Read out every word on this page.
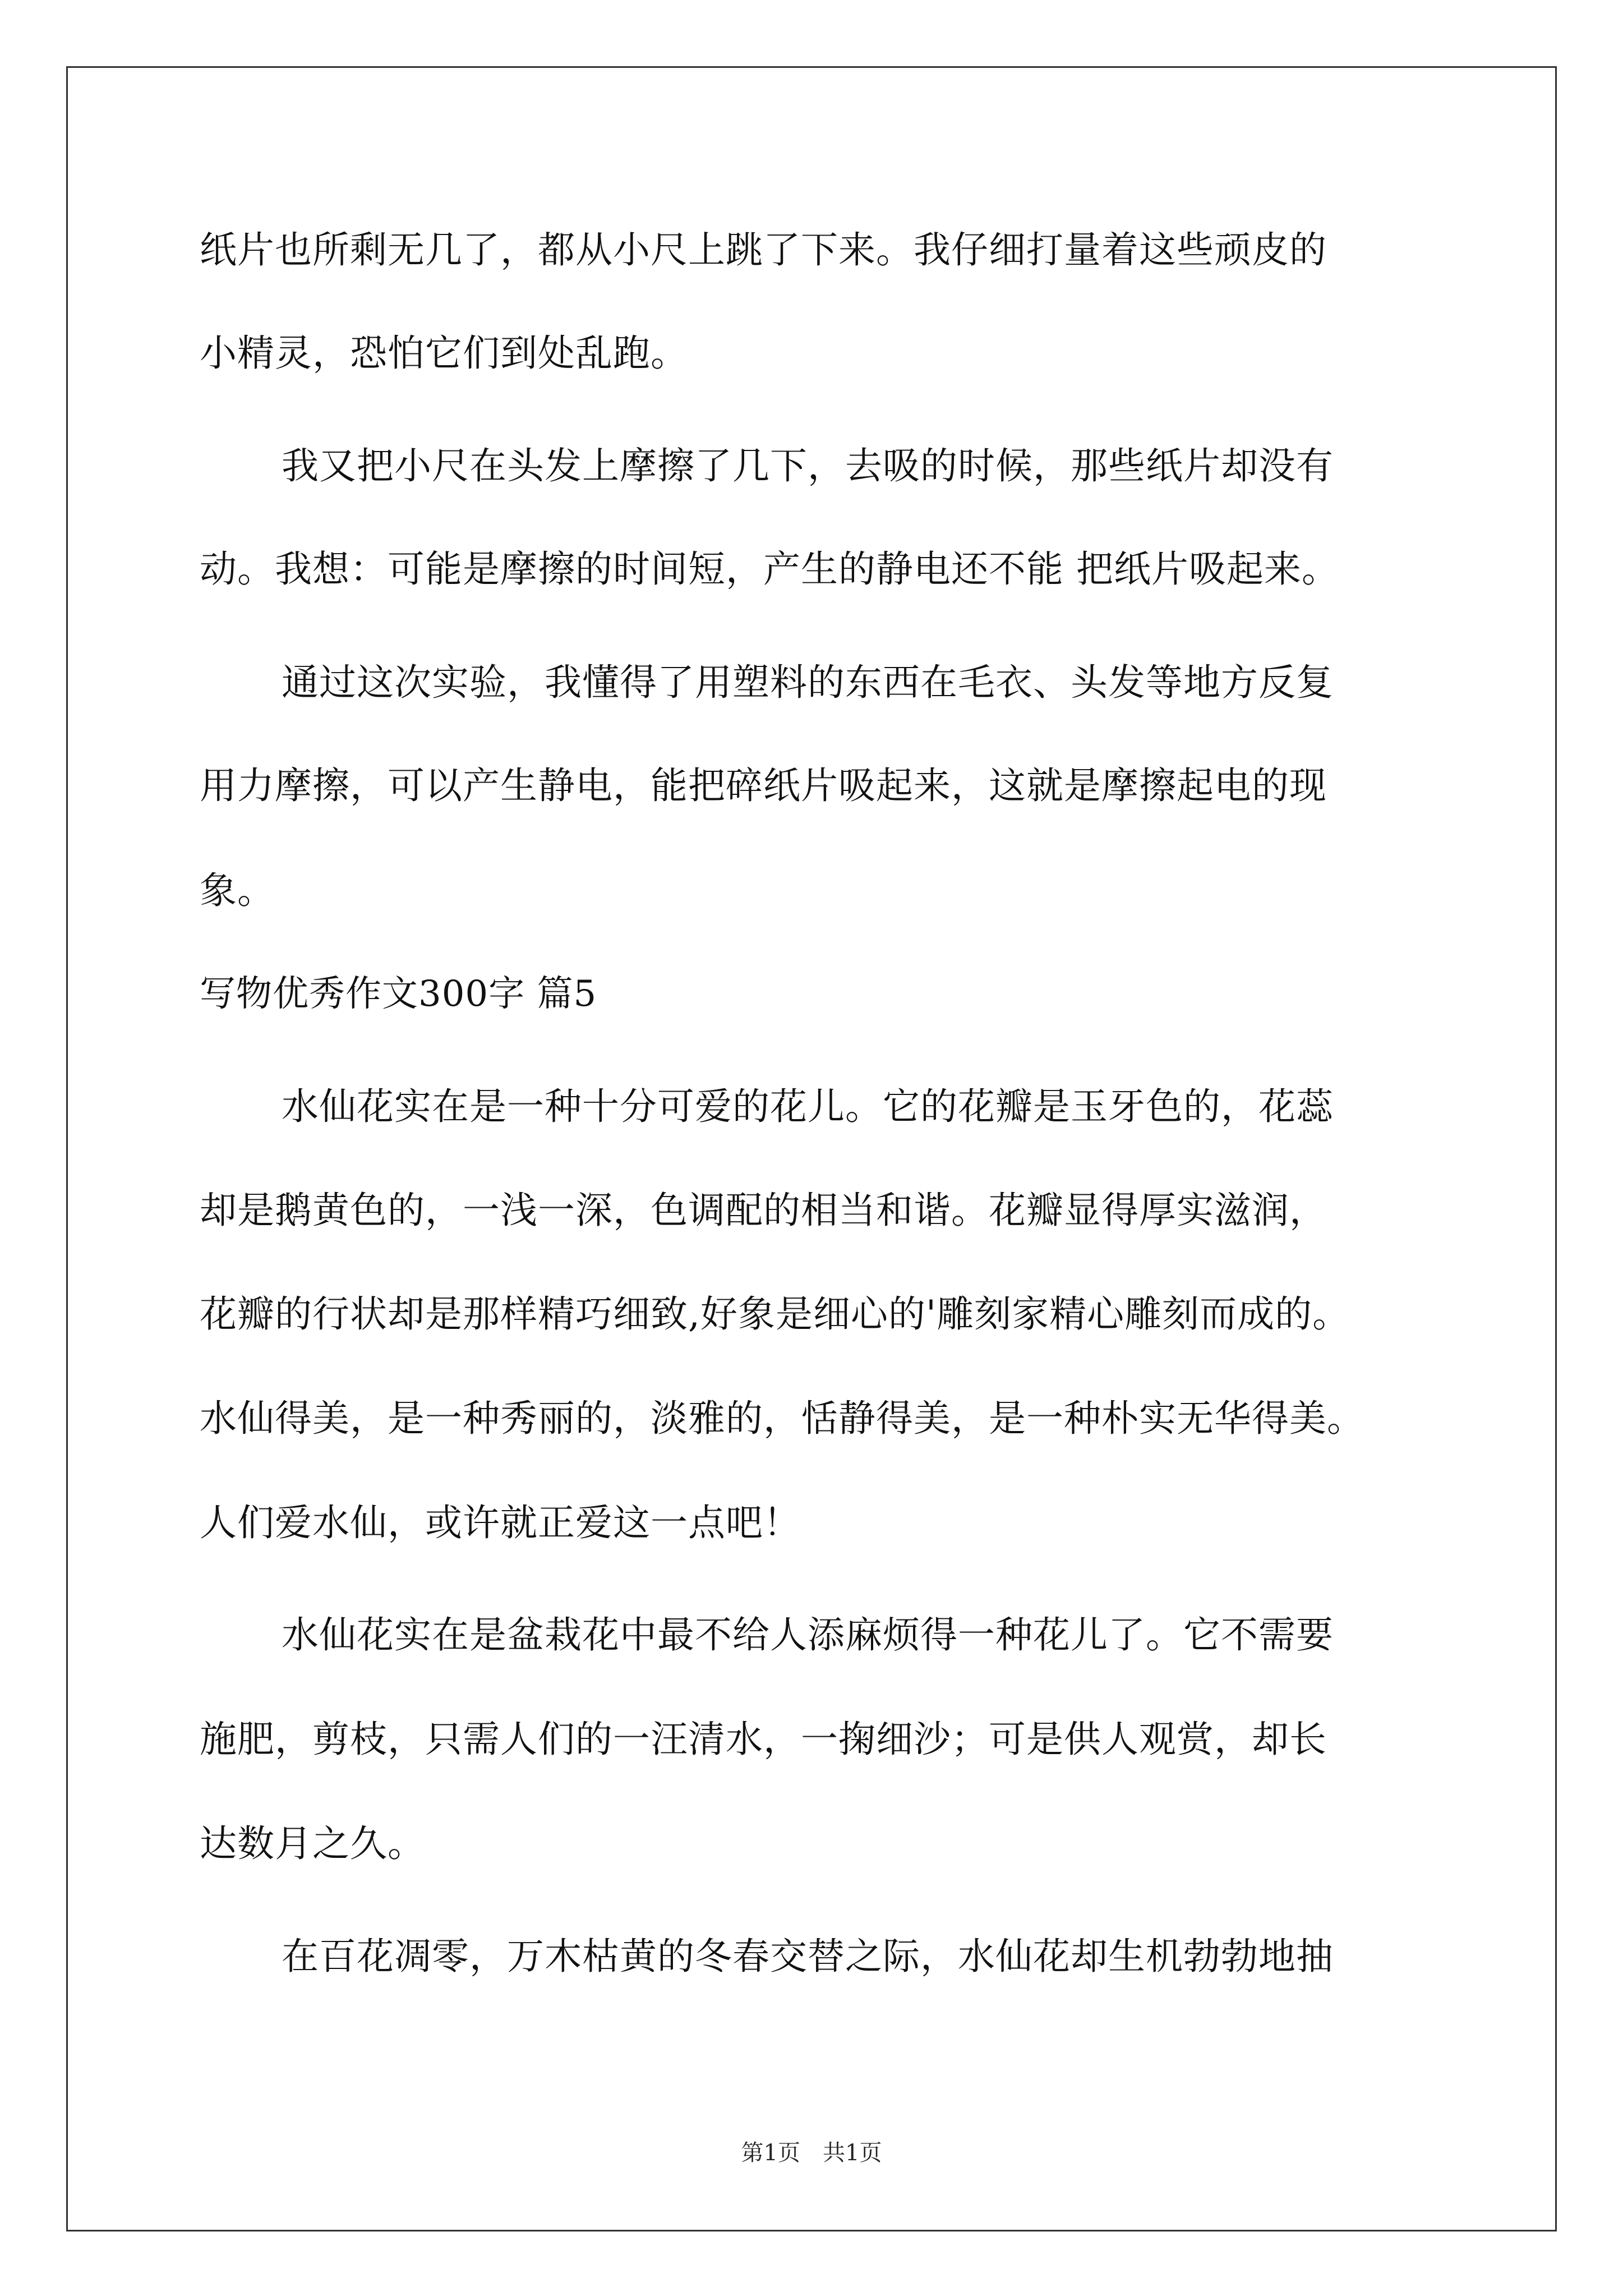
纸片也所剩无几了，都从小尺上跳了下来。我仔细打量着这些顽皮的
小精灵，恐怕它们到处乱跑。
我又把小尺在头发上摩擦了几下，去吸的时候，那些纸片却没有
动。我想：可能是摩擦的时间短，产生的静电还不能 把纸片吸起来。
通过这次实验，我懂得了用塑料的东西在毛衣、头发等地方反复
用力摩擦，可以产生静电，能把碎纸片吸起来，这就是摩擦起电的现
象。
写物优秀作文300字 篇5
水仙花实在是一种十分可爱的花儿。它的花瓣是玉牙色的，花蕊
却是鹅黄色的，一浅一深，色调配的相当和谐。花瓣显得厚实滋润，
花瓣的行状却是那样精巧细致,好象是细心的'雕刻家精心雕刻而成的。
水仙得美，是一种秀丽的，淡雅的，恬静得美，是一种朴实无华得美。
人们爱水仙，或许就正爱这一点吧！
水仙花实在是盆栽花中最不给人添麻烦得一种花儿了。它不需要
施肥，剪枝，只需人们的一汪清水，一掬细沙；可是供人观赏，却长
达数月之久。
在百花凋零，万木枯黄的冬春交替之际，水仙花却生机勃勃地抽
第1页　共1页
